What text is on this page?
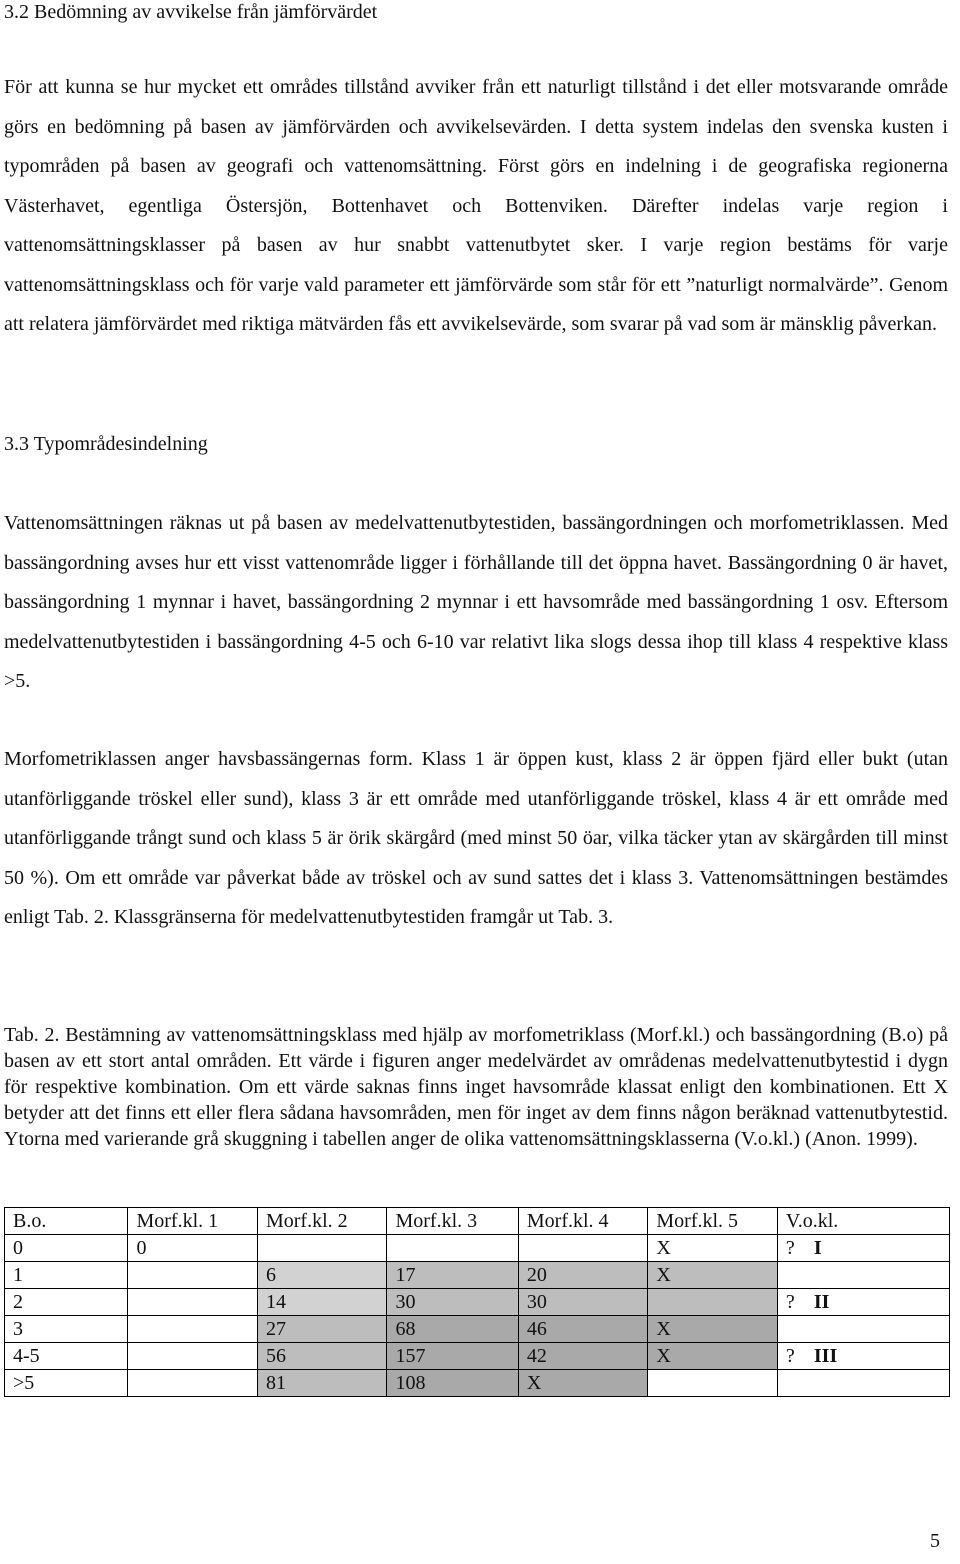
3.2 Bedömning av avvikelse från jämförvärdet

För att kunna se hur mycket ett områdes tillstånd avviker från ett naturligt tillstånd i det eller motsvarande område görs en bedömning på basen av jämförvärden och avvikelsevärden. I detta system indelas den svenska kusten i typområden på basen av geografi och vattenomsättning. Först görs en indelning i de geografiska regionerna Västerhavet, egentliga Östersjön, Bottenhavet och Bottenviken. Därefter indelas varje region i vattenomsättningsklasser på basen av hur snabbt vattenutbytet sker. I varje region bestäms för varje vattenomsättningsklass och för varje vald parameter ett jämförvärde som står för ett ”naturligt normalvärde”. Genom att relatera jämförvärdet med riktiga mätvärden fås ett avvikelsevärde, som svarar på vad som är mänsklig påverkan.

3.3 Typområdesindelning

Vattenomsättningen räknas ut på basen av medelvattenutbytestiden, bassängordningen och morfometriklassen. Med bassängordning avses hur ett visst vattenområde ligger i förhållande till det öppna havet. Bassängordning 0 är havet, bassängordning 1 mynnar i havet, bassängordning 2 mynnar i ett havsområde med bassängordning 1 osv. Eftersom medelvattenutbytestiden i bassängordning 4-5 och 6-10 var relativt lika slogs dessa ihop till klass 4 respektive klass >5.

Morfometriklassen anger havsbassängernas form. Klass 1 är öppen kust, klass 2 är öppen fjärd eller bukt (utan utanförliggande tröskel eller sund), klass 3 är ett område med utanförliggande tröskel, klass 4 är ett område med utanförliggande trångt sund och klass 5 är örik skärgård (med minst 50 öar, vilka täcker ytan av skärgården till minst 50 %). Om ett område var påverkat både av tröskel och av sund sattes det i klass 3. Vattenomsättningen bestämdes enligt Tab. 2. Klassgränserna för medelvattenutbytestiden framgår ut Tab. 3.

Tab. 2. Bestämning av vattenomsättningsklass med hjälp av morfometriklass (Morf.kl.) och bassängordning (B.o) på basen av ett stort antal områden. Ett värde i figuren anger medelvärdet av områdenas medelvattenutbytestid i dygn för respektive kombination. Om ett värde saknas finns inget havsområde klassat enligt den kombinationen. Ett X betyder att det finns ett eller flera sådana havsområden, men för inget av dem finns någon beräknad vattenutbytestid. Ytorna med varierande grå skuggning i tabellen anger de olika vattenomsättningsklasserna (V.o.kl.) (Anon. 1999).

B.o.	Morf.kl. 1	Morf.kl. 2	Morf.kl. 3	Morf.kl. 4	Morf.kl. 5	V.o.kl.
0	0				X	? I
1		6	17	20	X	
2		14	30	30		? II
3		27	68	46	X	
4-5		56	157	42	X	? III
>5		81	108	X		
5
